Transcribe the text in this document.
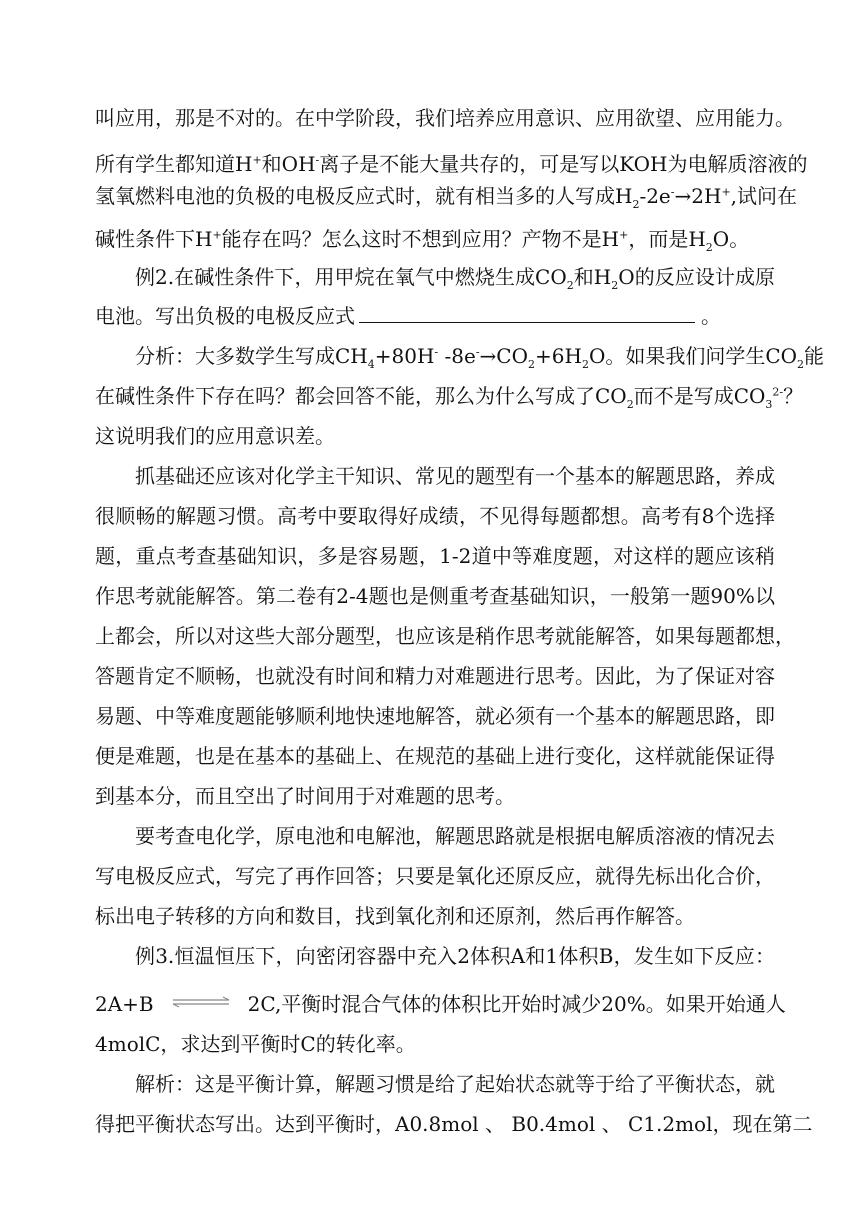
叫应用，那是不对的。在中学阶段，我们培养应用意识、应用欲望、应用能力。
所有学生都知道H+和OH-离子是不能大量共存的，可是写以KOH为电解质溶液的
氢氧燃料电池的负极的电极反应式时，就有相当多的人写成$H_2-2e^-\to 2H^+$,试问在
碱性条件下H+能存在吗？怎么这时不想到应用？产物不是H+，而是$H_2O$。
例2.在碱性条件下，用甲烷在氧气中燃烧生成$CO_2$和$H_2O$的反应设计成原
电池。写出负极的电极反应式	。
分析：大多数学生写成$CH_4+80H^-$ $-8e^-\to CO_2+6H_2O$。如果我们问学生$CO_2$能
在碱性条件下存在吗？都会回答不能，那么为什么写成了$CO_2$而不是写成$CO_3^{2-}$？
这说明我们的应用意识差。
抓基础还应该对化学主干知识、常见的题型有一个基本的解题思路，养成
很顺畅的解题习惯。高考中要取得好成绩，不见得每题都想。高考有8个选择
题，重点考查基础知识，多是容易题，1-2道中等难度题，对这样的题应该稍
作思考就能解答。第二卷有2-4题也是侧重考查基础知识，一般第一题90%以
上都会，所以对这些大部分题型，也应该是稍作思考就能解答，如果每题都想，
答题肯定不顺畅，也就没有时间和精力对难题进行思考。因此，为了保证对容
易题、中等难度题能够顺利地快速地解答，就必须有一个基本的解题思路，即
便是难题，也是在基本的基础上、在规范的基础上进行变化，这样就能保证得
到基本分，而且空出了时间用于对难题的思考。
要考查电化学，原电池和电解池，解题思路就是根据电解质溶液的情况去
写电极反应式，写完了再作回答；只要是氧化还原反应，就得先标出化合价，
标出电子转移的方向和数目，找到氧化剂和还原剂，然后再作解答。
例3.恒温恒压下，向密闭容器中充入2体积A和1体积B，发生如下反应：
2A+B ⇌ 2C,平衡时混合气体的体积比开始时减少20%。如果开始通人
4molC，求达到平衡时C的转化率。
解析：这是平衡计算，解题习惯是给了起始状态就等于给了平衡状态，就
得把平衡状态写出。达到平衡时，A0.8mol 、 B0.4mol 、 C1.2mol，现在第二
